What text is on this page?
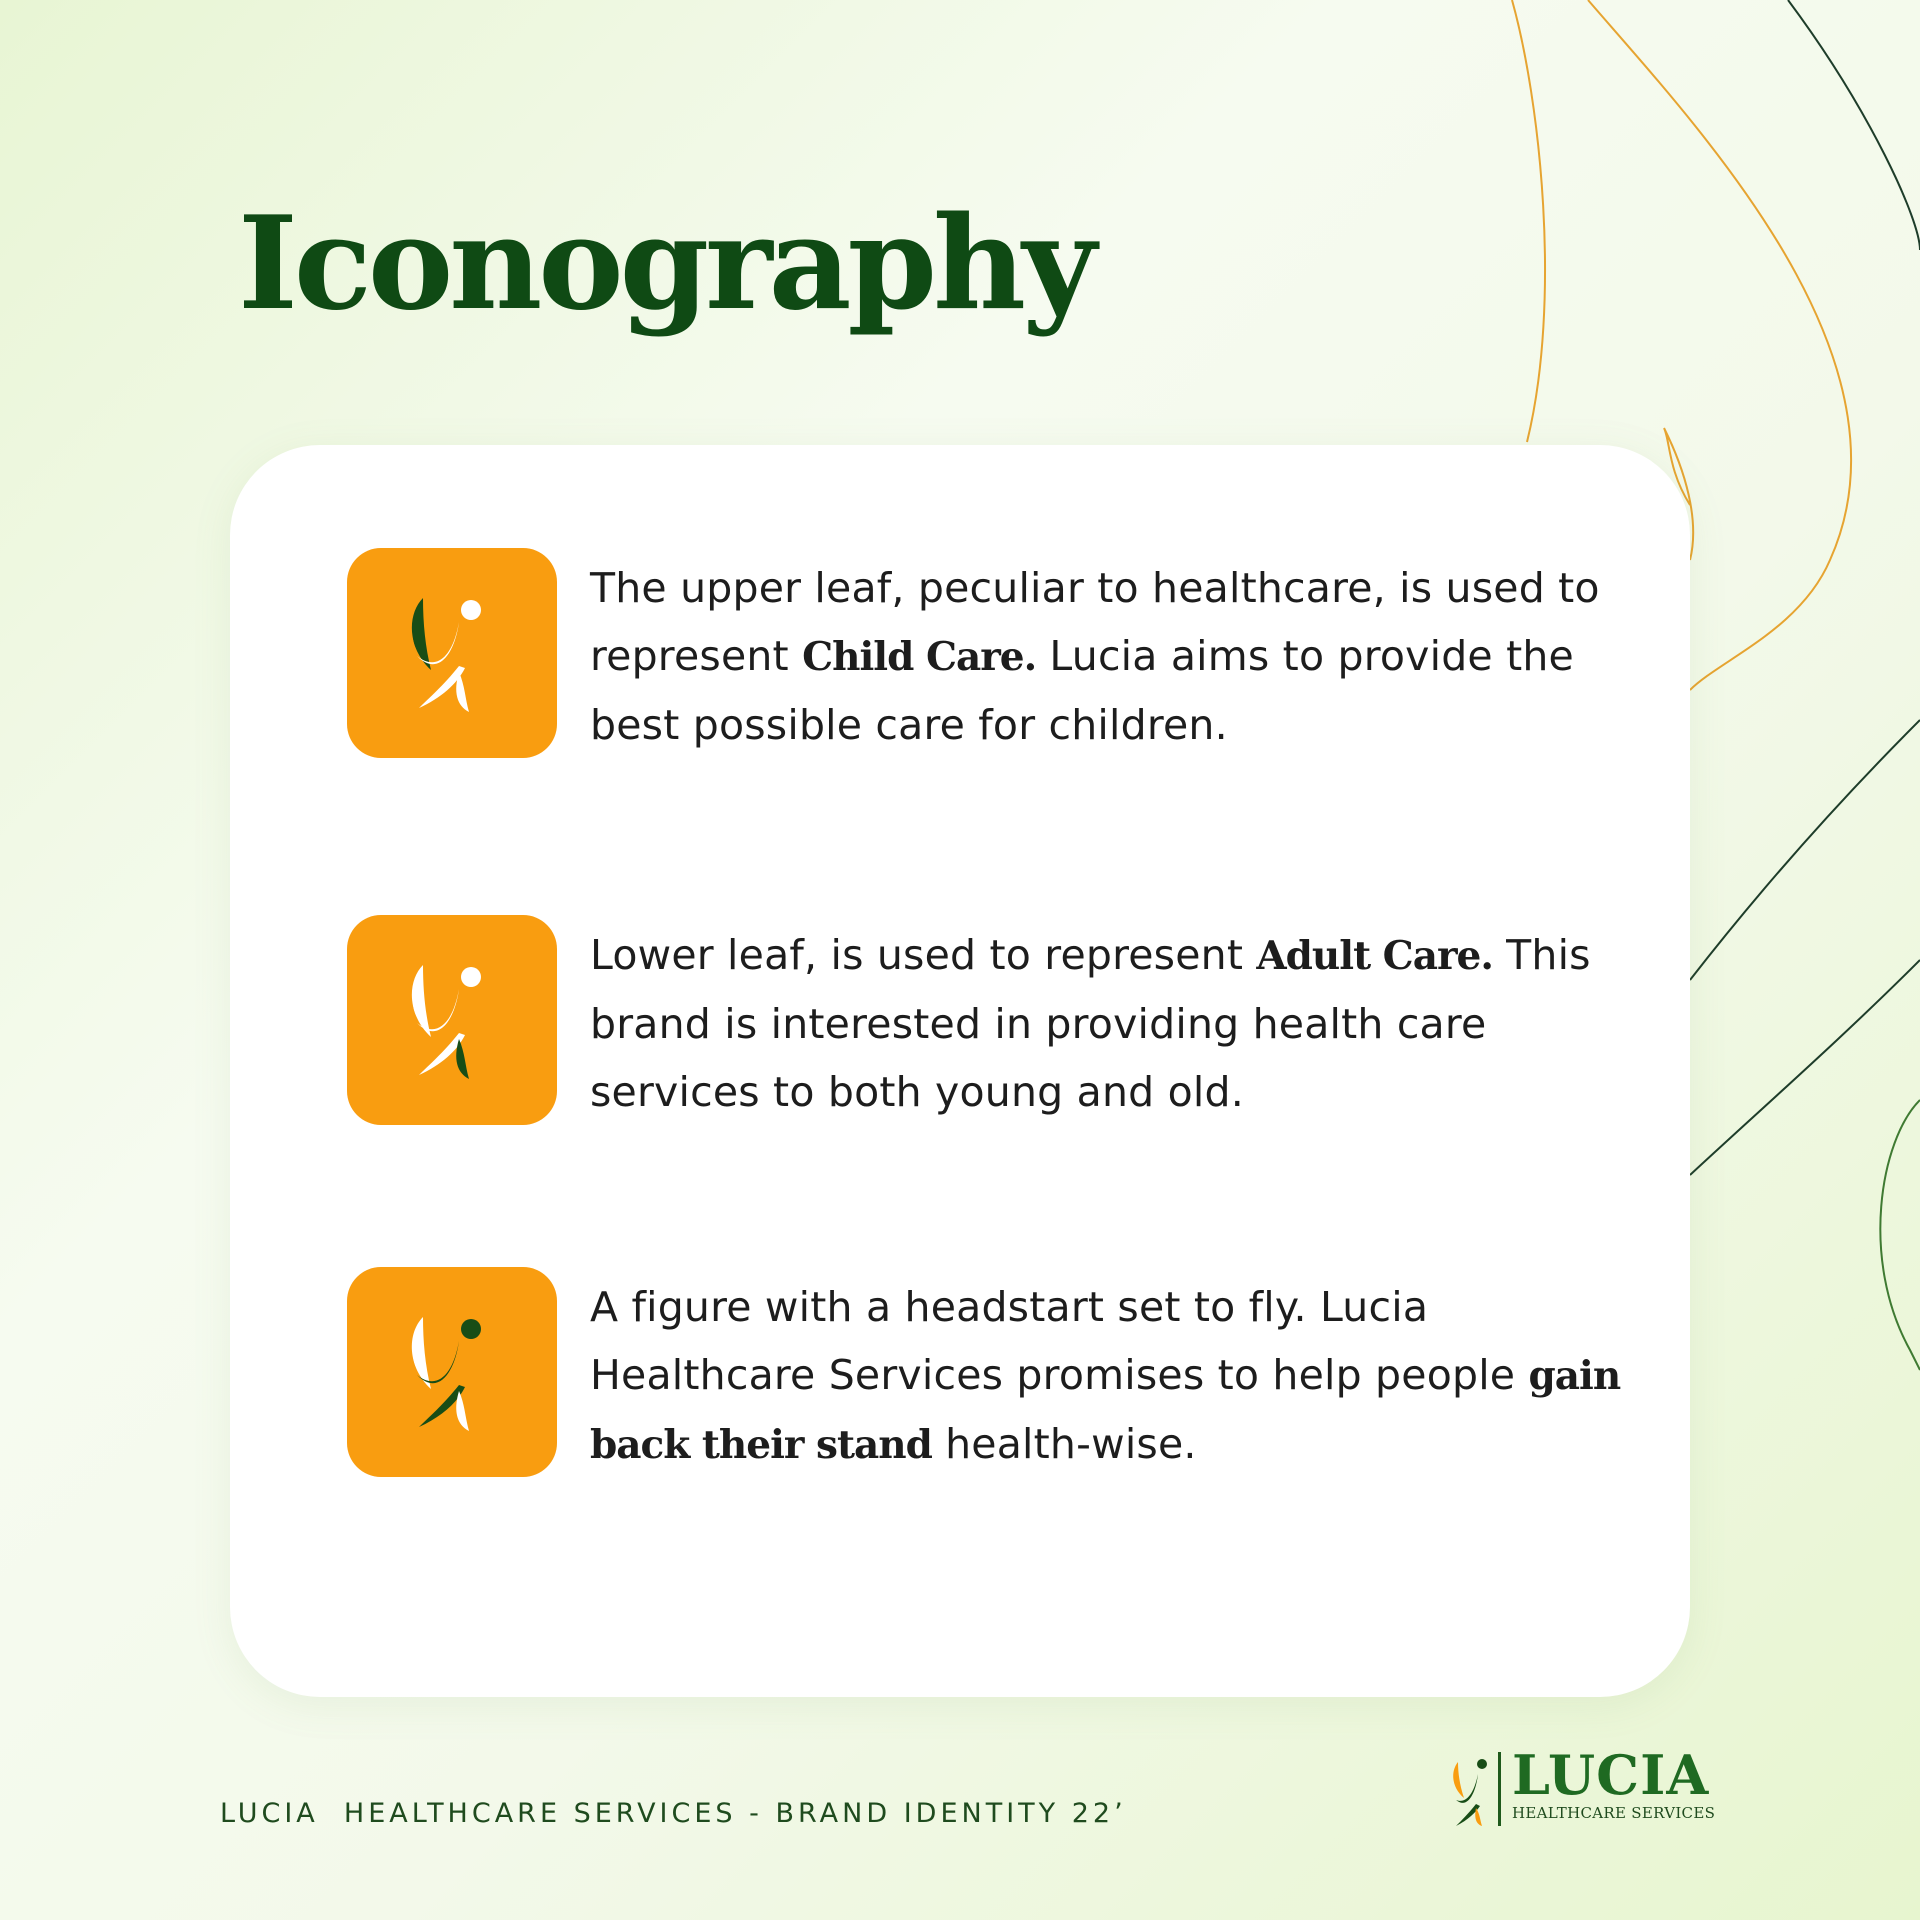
Iconography

The upper leaf, peculiar to healthcare, is used to represent Child Care. Lucia aims to provide the best possible care for children.

Lower leaf, is used to represent Adult Care. This brand is interested in providing health care services to both young and old.

A figure with a headstart set to fly. Lucia Healthcare Services promises to help people gain back their stand health-wise.

LUCIA  HEALTHCARE SERVICES - BRAND IDENTITY 22’
LUCIA
HEALTHCARE SERVICES
